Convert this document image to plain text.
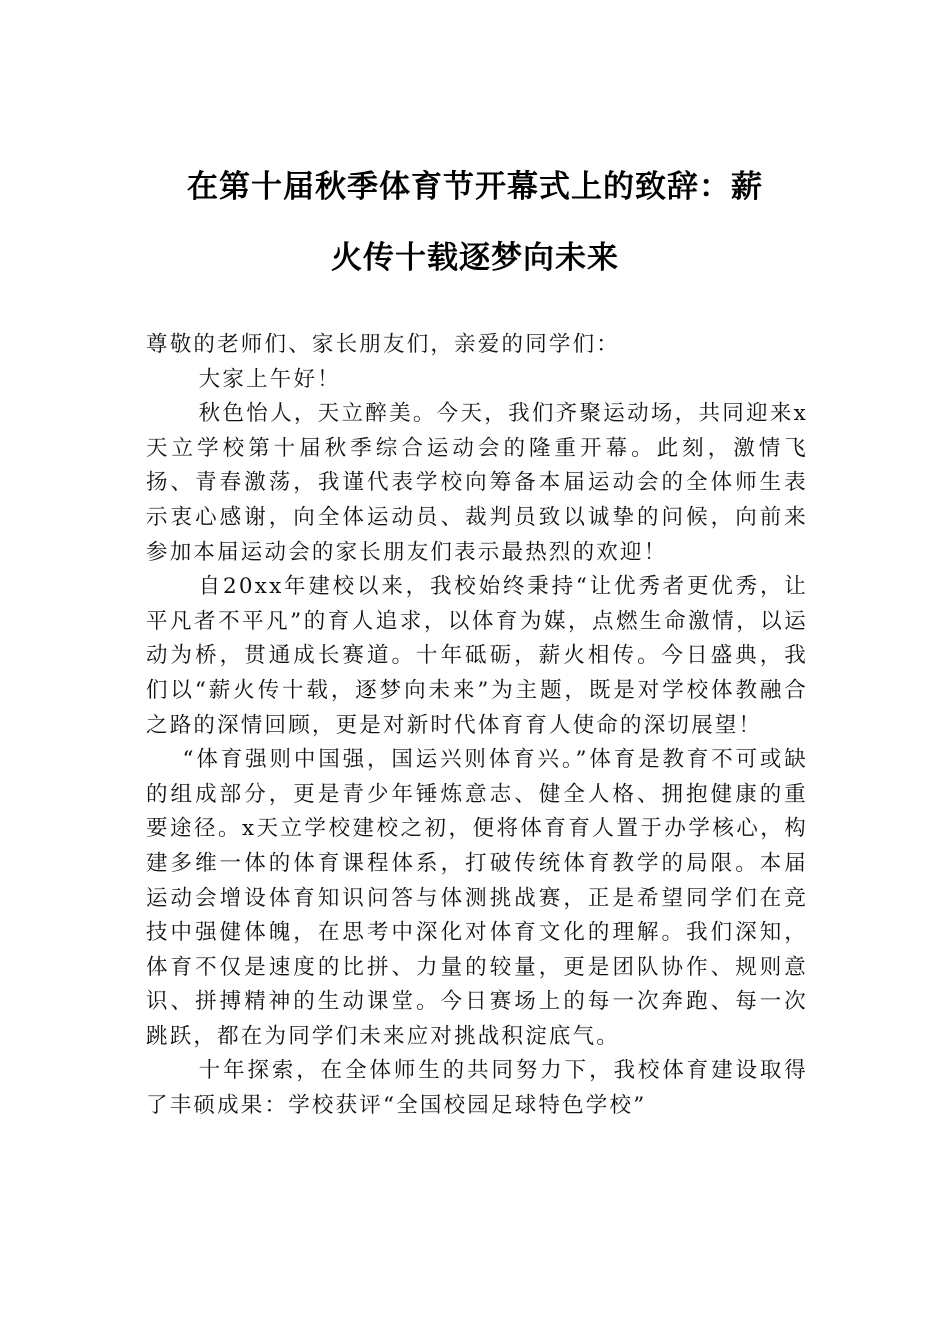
在第十届秋季体育节开幕式上的致辞：薪
火传十载逐梦向未来

尊敬的老师们、家长朋友们，亲爱的同学们：

大家上午好！

秋色怡人，天立醉美。今天，我们齐聚运动场，共同迎来x天立学校第十届秋季综合运动会的隆重开幕。此刻，激情飞扬、青春激荡，我谨代表学校向筹备本届运动会的全体师生表示衷心感谢，向全体运动员、裁判员致以诚挚的问候，向前来参加本届运动会的家长朋友们表示最热烈的欢迎！

自20xx年建校以来，我校始终秉持“让优秀者更优秀，让平凡者不平凡”的育人追求，以体育为媒，点燃生命激情，以运动为桥，贯通成长赛道。十年砥砺，薪火相传。今日盛典，我们以“薪火传十载，逐梦向未来”为主题，既是对学校体教融合之路的深情回顾，更是对新时代体育育人使命的深切展望！

“体育强则中国强，国运兴则体育兴。”体育是教育不可或缺的组成部分，更是青少年锤炼意志、健全人格、拥抱健康的重要途径。x天立学校建校之初，便将体育育人置于办学核心，构建多维一体的体育课程体系，打破传统体育教学的局限。本届运动会增设体育知识问答与体测挑战赛，正是希望同学们在竞技中强健体魄，在思考中深化对体育文化的理解。我们深知，体育不仅是速度的比拼、力量的较量，更是团队协作、规则意识、拼搏精神的生动课堂。今日赛场上的每一次奔跑、每一次跳跃，都在为同学们未来应对挑战积淀底气。

十年探索，在全体师生的共同努力下，我校体育建设取得了丰硕成果：学校获评“全国校园足球特色学校”
